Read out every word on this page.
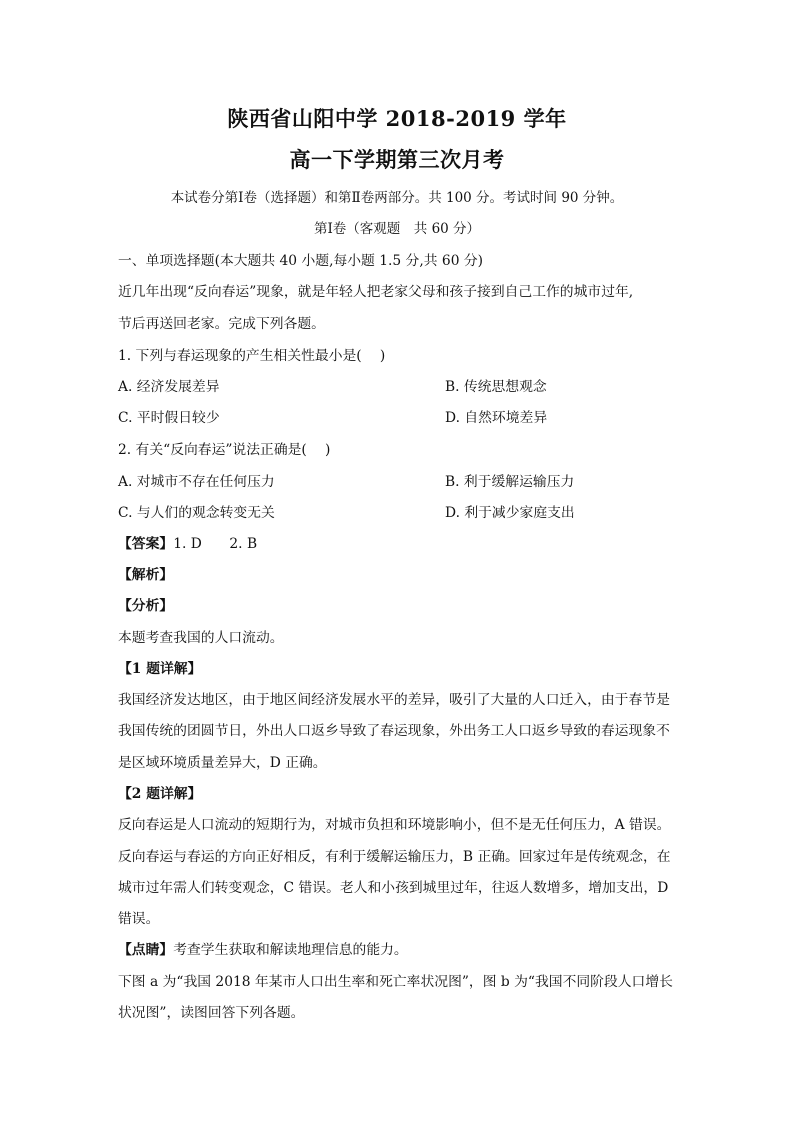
陕西省山阳中学 2018-2019 学年
高一下学期第三次月考
本试卷分第Ⅰ卷（选择题）和第Ⅱ卷两部分。共 100 分。考试时间 90 分钟。
第Ⅰ卷（客观题　共 60 分）
一、单项选择题(本大题共 40 小题,每小题 1.5 分,共 60 分)
近几年出现“反向春运”现象，就是年轻人把老家父母和孩子接到自己工作的城市过年,
节后再送回老家。完成下列各题。
1. 下列与春运现象的产生相关性最小是(　 )
A. 经济发展差异	B. 传统思想观念
C. 平时假日较少	D. 自然环境差异
2. 有关“反向春运”说法正确是(　 )
A. 对城市不存在任何压力	B. 利于缓解运输压力
C. 与人们的观念转变无关	D. 利于减少家庭支出
【答案】1. D　　2. B
【解析】
【分析】
本题考查我国的人口流动。
【1 题详解】
我国经济发达地区，由于地区间经济发展水平的差异，吸引了大量的人口迁入，由于春节是
我国传统的团圆节日，外出人口返乡导致了春运现象，外出务工人口返乡导致的春运现象不
是区域环境质量差异大，D 正确。
【2 题详解】
反向春运是人口流动的短期行为，对城市负担和环境影响小，但不是无任何压力，A 错误。
反向春运与春运的方向正好相反，有利于缓解运输压力，B 正确。回家过年是传统观念，在
城市过年需人们转变观念，C 错误。老人和小孩到城里过年，往返人数增多，增加支出，D
错误。
【点睛】考查学生获取和解读地理信息的能力。
下图 a 为“我国 2018 年某市人口出生率和死亡率状况图”，图 b 为“我国不同阶段人口增长
状况图”，读图回答下列各题。
